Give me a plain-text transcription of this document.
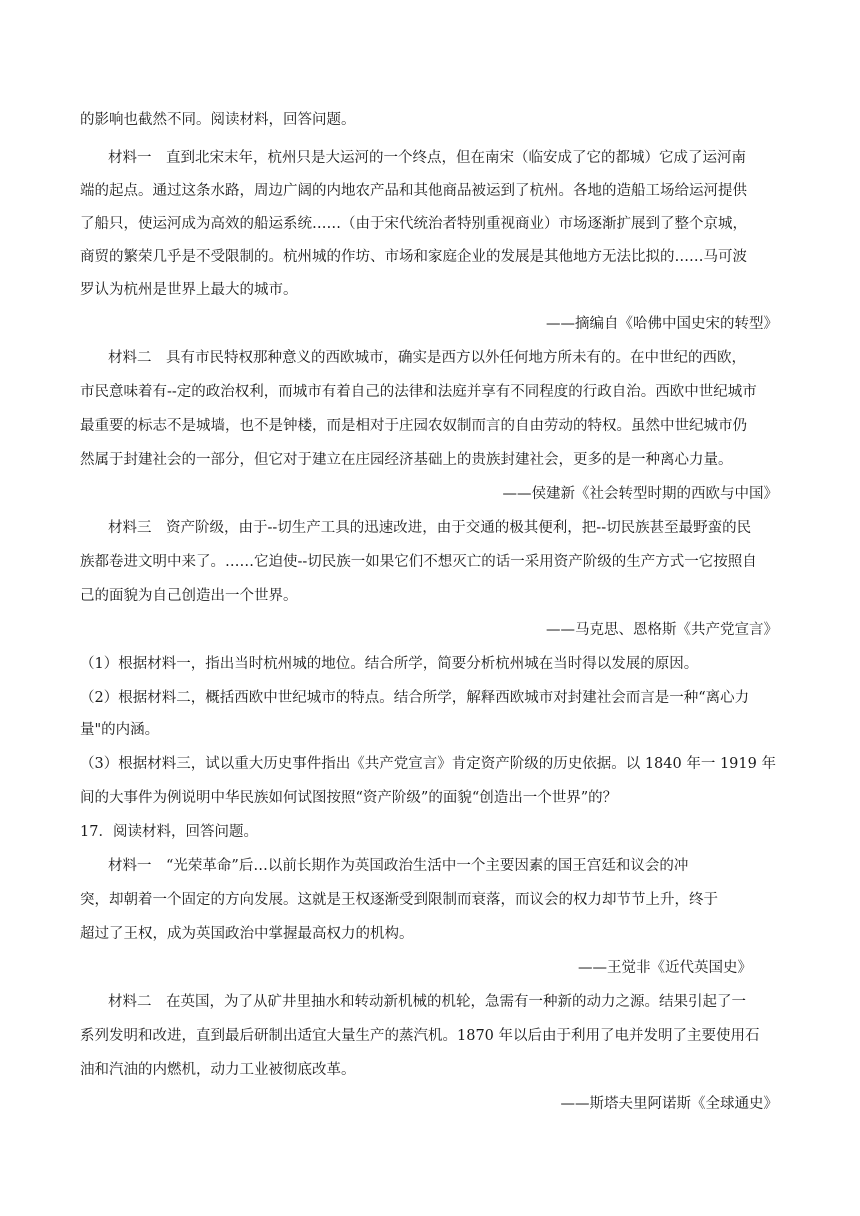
的影响也截然不同。阅读材料，回答问题。
材料一　直到北宋末年，杭州只是大运河的一个终点，但在南宋（临安成了它的都城）它成了运河南
端的起点。通过这条水路，周边广阔的内地农产品和其他商品被运到了杭州。各地的造船工场给运河提供
了船只，使运河成为高效的船运系统……（由于宋代统治者特别重视商业）市场逐渐扩展到了整个京城，
商贸的繁荣几乎是不受限制的。杭州城的作坊、市场和家庭企业的发展是其他地方无法比拟的……马可波
罗认为杭州是世界上最大的城市。
——摘编自《哈佛中国史宋的转型》
材料二　具有市民特权那种意义的西欧城市，确实是西方以外任何地方所未有的。在中世纪的西欧，
市民意味着有--定的政治权利，而城市有着自己的法律和法庭并享有不同程度的行政自治。西欧中世纪城市
最重要的标志不是城墙，也不是钟楼，而是相对于庄园农奴制而言的自由劳动的特权。虽然中世纪城市仍
然属于封建社会的一部分，但它对于建立在庄园经济基础上的贵族封建社会，更多的是一种离心力量。
——侯建新《社会转型时期的西欧与中国》
材料三　资产阶级，由于--切生产工具的迅速改进，由于交通的极其便利，把--切民族甚至最野蛮的民
族都卷进文明中来了。……它迫使--切民族一如果它们不想灭亡的话一采用资产阶级的生产方式一它按照自
己的面貌为自己创造出一个世界。
——马克思、恩格斯《共产党宣言》
（1）根据材料一，指出当时杭州城的地位。结合所学，简要分析杭州城在当时得以发展的原因。
（2）根据材料二，概括西欧中世纪城市的特点。结合所学，解释西欧城市对封建社会而言是一种“离心力
量"的内涵。
（3）根据材料三，试以重大历史事件指出《共产党宣言》肯定资产阶级的历史依据。以 1840 年一 1919 年
间的大事件为例说明中华民族如何试图按照“资产阶级”的面貌“创造出一个世界”的？
17．阅读材料，回答问题。
材料一　“光荣革命”后…以前长期作为英国政治生活中一个主要因素的国王宫廷和议会的冲
突，却朝着一个固定的方向发展。这就是王权逐渐受到限制而衰落，而议会的权力却节节上升，终于
超过了王权，成为英国政治中掌握最高权力的机构。
——王觉非《近代英国史》
材料二　在英国，为了从矿井里抽水和转动新机械的机轮，急需有一种新的动力之源。结果引起了一
系列发明和改进，直到最后研制出适宜大量生产的蒸汽机。1870 年以后由于利用了电并发明了主要使用石
油和汽油的内燃机，动力工业被彻底改革。
——斯塔夫里阿诺斯《全球通史》
